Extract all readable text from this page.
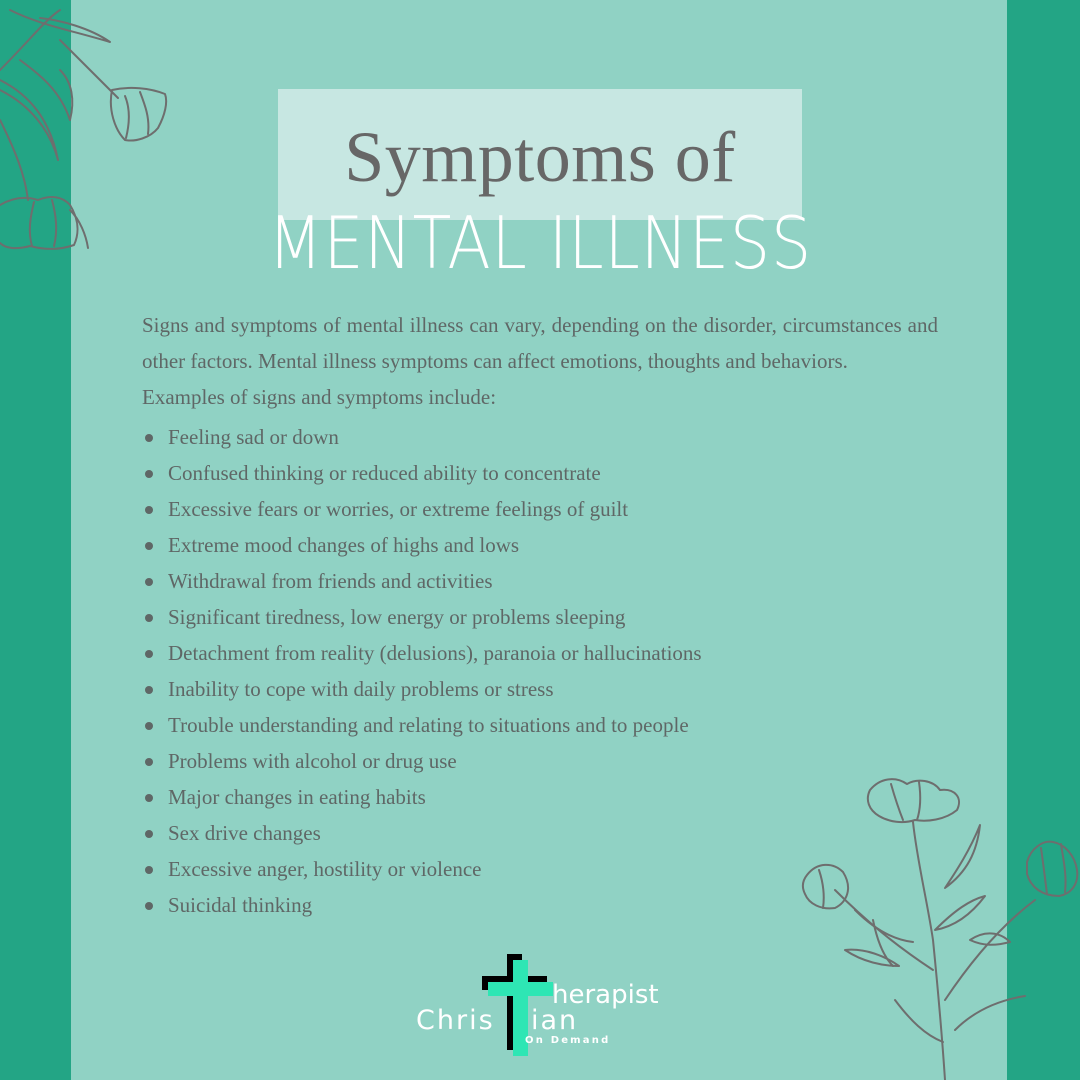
Symptoms of
MENTAL ILLNESS

Signs and symptoms of mental illness can vary, depending on the disorder, circumstances and other factors. Mental illness symptoms can affect emotions, thoughts and behaviors.

Examples of signs and symptoms include:

Feeling sad or down
Confused thinking or reduced ability to concentrate
Excessive fears or worries, or extreme feelings of guilt
Extreme mood changes of highs and lows
Withdrawal from friends and activities
Significant tiredness, low energy or problems sleeping
Detachment from reality (delusions), paranoia or hallucinations
Inability to cope with daily problems or stress
Trouble understanding and relating to situations and to people
Problems with alcohol or drug use
Major changes in eating habits
Sex drive changes
Excessive anger, hostility or violence
Suicidal thinking
herapist
Chris ian
On Demand
